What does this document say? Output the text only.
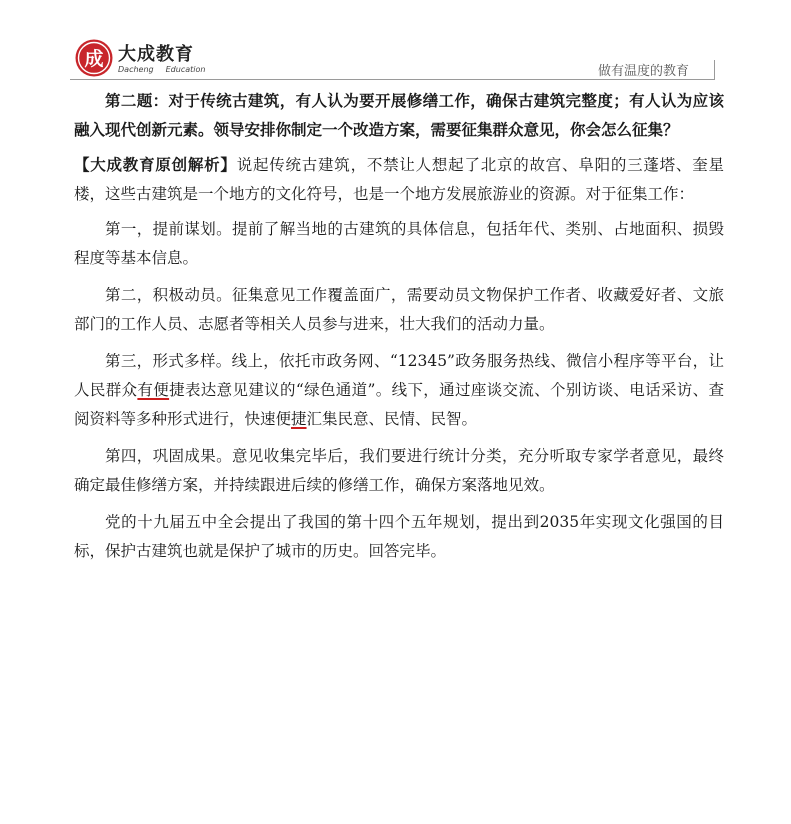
成 大成教育
Dacheng Education	做有温度的教育

第二题：对于传统古建筑，有人认为要开展修缮工作，确保古建筑完整度；有人认为应该融入现代创新元素。领导安排你制定一个改造方案，需要征集群众意见，你会怎么征集？

【大成教育原创解析】说起传统古建筑，不禁让人想起了北京的故宫、阜阳的三蓬塔、奎星楼，这些古建筑是一个地方的文化符号，也是一个地方发展旅游业的资源。对于征集工作：

第一，提前谋划。提前了解当地的古建筑的具体信息，包括年代、类别、占地面积、损毁程度等基本信息。

第二，积极动员。征集意见工作覆盖面广，需要动员文物保护工作者、收藏爱好者、文旅部门的工作人员、志愿者等相关人员参与进来，壮大我们的活动力量。

第三，形式多样。线上，依托市政务网、“12345”政务服务热线、微信小程序等平台，让人民群众有便捷表达意见建议的“绿色通道”。线下，通过座谈交流、个别访谈、电话采访、查阅资料等多种形式进行，快速便捷汇集民意、民情、民智。

第四，巩固成果。意见收集完毕后，我们要进行统计分类，充分听取专家学者意见，最终确定最佳修缮方案，并持续跟进后续的修缮工作，确保方案落地见效。

党的十九届五中全会提出了我国的第十四个五年规划，提出到2035年实现文化强国的目标，保护古建筑也就是保护了城市的历史。回答完毕。
